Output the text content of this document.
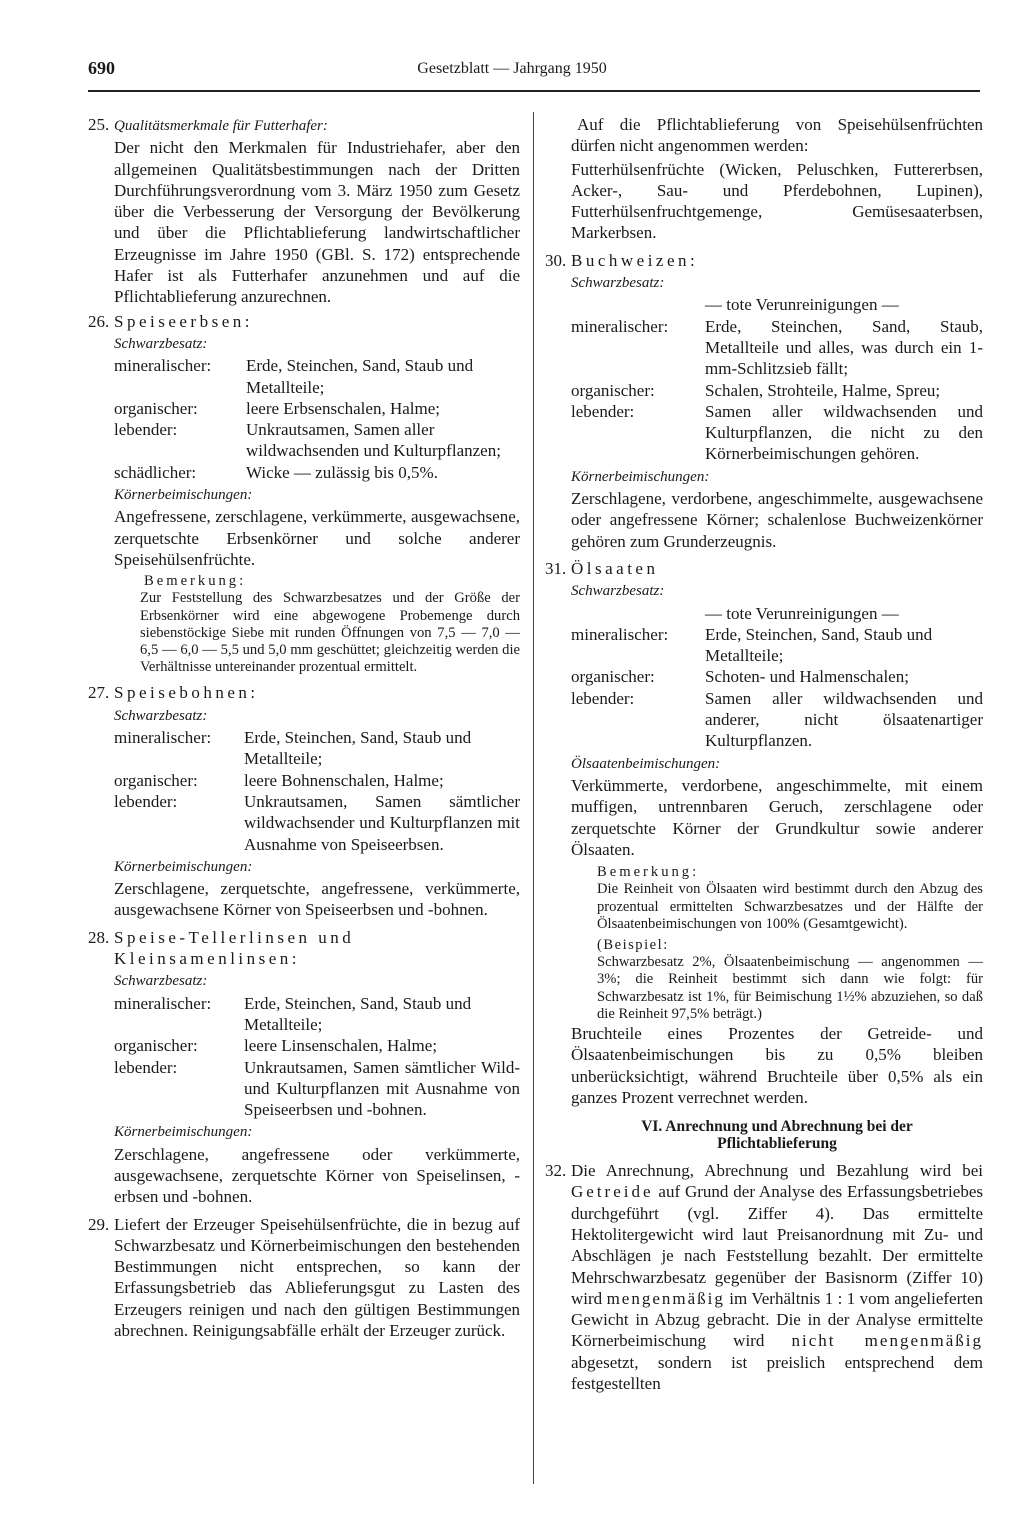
690	Gesetzblatt — Jahrgang 1950
25. Qualitätsmerkmale für Futterhafer:

Der nicht den Merkmalen für Industriehafer, aber den allgemeinen Qualitätsbestimmungen nach der Dritten Durchführungsverordnung vom 3. März 1950 zum Gesetz über die Verbesserung der Versorgung der Bevölkerung und über die Pflichtablieferung landwirtschaftlicher Erzeugnisse im Jahre 1950 (GBl. S. 172) entsprechende Hafer ist als Futterhafer anzunehmen und auf die Pflichtablieferung anzurechnen.

26. Speiseerbsen:
Schwarzbesatz:
mineralischer:	Erde, Steinchen, Sand, Staub und Metallteile;
organischer:	leere Erbsenschalen, Halme;
lebender:	Unkrautsamen, Samen aller wildwachsenden und Kulturpflanzen;
schädlicher:	Wicke — zulässig bis 0,5%.
Körnerbeimischungen:

Angefressene, zerschlagene, verkümmerte, ausgewachsene, zerquetschte Erbsenkörner und solche anderer Speisehülsenfrüchte.

Bemerkung:

Zur Feststellung des Schwarzbesatzes und der Größe der Erbsenkörner wird eine abgewogene Probemenge durch siebenstöckige Siebe mit runden Öffnungen von 7,5 — 7,0 — 6,5 — 6,0 — 5,5 und 5,0 mm geschüttet; gleichzeitig werden die Verhältnisse untereinander prozentual ermittelt.

27. Speisebohnen:
Schwarzbesatz:
mineralischer:	Erde, Steinchen, Sand, Staub und Metallteile;
organischer:	leere Bohnenschalen, Halme;
lebender:	Unkrautsamen, Samen sämtlicher wildwachsender und Kulturpflanzen mit Ausnahme von Speiseerbsen.
Körnerbeimischungen:

Zerschlagene, zerquetschte, angefressene, verkümmerte, ausgewachsene Körner von Speiseerbsen und -bohnen.

28. Speise-Tellerlinsen und Kleinsamenlinsen:
Schwarzbesatz:
mineralischer:	Erde, Steinchen, Sand, Staub und Metallteile;
organischer:	leere Linsenschalen, Halme;
lebender:	Unkrautsamen, Samen sämtlicher Wild- und Kulturpflanzen mit Ausnahme von Speiseerbsen und -bohnen.
Körnerbeimischungen:

Zerschlagene, angefressene oder verkümmerte, ausgewachsene, zerquetschte Körner von Speiselinsen, -erbsen und -bohnen.

29. Liefert der Erzeuger Speisehülsenfrüchte, die in bezug auf Schwarzbesatz und Körnerbeimischungen den bestehenden Bestimmungen nicht entsprechen, so kann der Erfassungsbetrieb das Ablieferungsgut zu Lasten des Erzeugers reinigen und nach den gültigen Bestimmungen abrechnen. Reinigungsabfälle erhält der Erzeuger zurück.

Auf die Pflichtablieferung von Speisehülsenfrüchten dürfen nicht angenommen werden:

Futterhülsenfrüchte (Wicken, Peluschken, Futtererbsen, Acker-, Sau- und Pferdebohnen, Lupinen), Futterhülsenfruchtgemenge, Gemüsesaaterbsen, Markerbsen.

30. Buchweizen:
Schwarzbesatz:
— tote Verunreinigungen —
mineralischer:	Erde, Steinchen, Sand, Staub, Metallteile und alles, was durch ein 1-mm-Schlitzsieb fällt;
organischer:	Schalen, Strohteile, Halme, Spreu;
lebender:	Samen aller wildwachsenden und Kulturpflanzen, die nicht zu den Körnerbeimischungen gehören.
Körnerbeimischungen:

Zerschlagene, verdorbene, angeschimmelte, ausgewachsene oder angefressene Körner; schalenlose Buchweizenkörner gehören zum Grunderzeugnis.

31. Ölsaaten
Schwarzbesatz:
— tote Verunreinigungen —
mineralischer:	Erde, Steinchen, Sand, Staub und Metallteile;
organischer:	Schoten- und Halmenschalen;
lebender:	Samen aller wildwachsenden und anderer, nicht ölsaatenartiger Kulturpflanzen.
Ölsaatenbeimischungen:

Verkümmerte, verdorbene, angeschimmelte, mit einem muffigen, untrennbaren Geruch, zerschlagene oder zerquetschte Körner der Grundkultur sowie anderer Ölsaaten.

Bemerkung:

Die Reinheit von Ölsaaten wird bestimmt durch den Abzug des prozentual ermittelten Schwarzbesatzes und der Hälfte der Ölsaatenbeimischungen von 100% (Gesamtgewicht).

(Beispiel:

Schwarzbesatz 2%, Ölsaatenbeimischung — angenommen — 3%; die Reinheit bestimmt sich dann wie folgt: für Schwarzbesatz ist 1%, für Beimischung 1½% abzuziehen, so daß die Reinheit 97,5% beträgt.)

Bruchteile eines Prozentes der Getreide- und Ölsaatenbeimischungen bis zu 0,5% bleiben unberücksichtigt, während Bruchteile über 0,5% als ein ganzes Prozent verrechnet werden.

VI. Anrechnung und Abrechnung bei der
Pflichtablieferung
32. Die Anrechnung, Abrechnung und Bezahlung wird bei Getreide auf Grund der Analyse des Erfassungsbetriebes durchgeführt (vgl. Ziffer 4). Das ermittelte Hektolitergewicht wird laut Preisanordnung mit Zu- und Abschlägen je nach Feststellung bezahlt. Der ermittelte Mehrschwarzbesatz gegenüber der Basisnorm (Ziffer 10) wird mengenmäßig im Verhältnis 1 : 1 vom angelieferten Gewicht in Abzug gebracht. Die in der Analyse ermittelte Körnerbeimischung wird nicht mengenmäßig abgesetzt, sondern ist preislich entsprechend dem festgestellten
